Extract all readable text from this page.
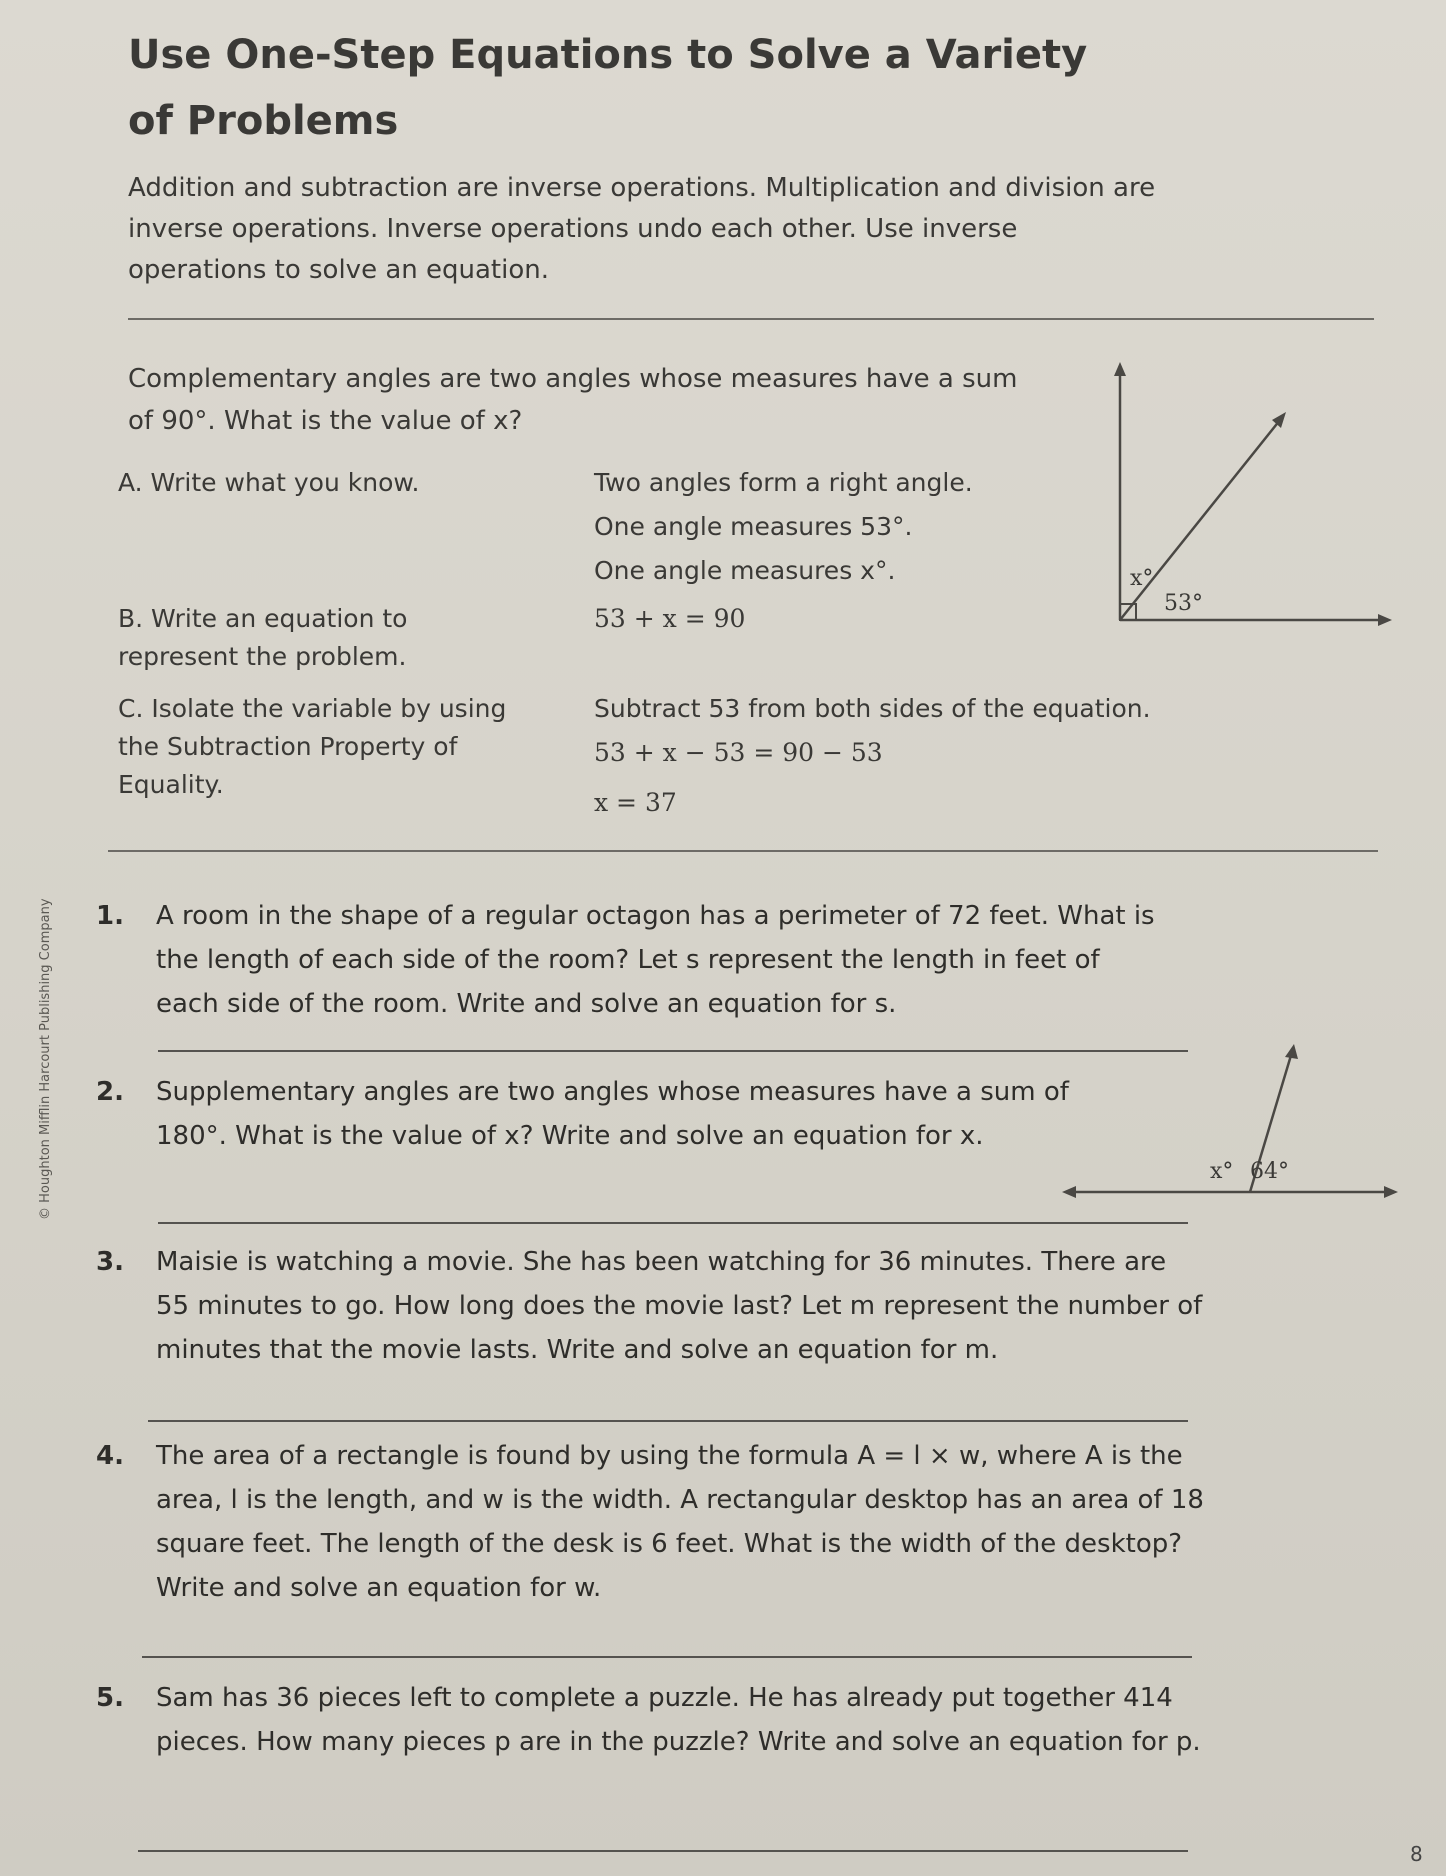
Use One-Step Equations to Solve a Variety of Problems
Addition and subtraction are inverse operations. Multiplication and division are inverse operations. Inverse operations undo each other. Use inverse operations to solve an equation.
Complementary angles are two angles whose measures have a sum of 90°. What is the value of x?
A. Write what you know.	Two angles form a right angle.
One angle measures 53°.
One angle measures x°.
B. Write an equation to represent the problem.
53 + x = 90
C. Isolate the variable by using the Subtraction Property of Equality.
Subtract 53 from both sides of the equation.
53 + x − 53 = 90 − 53
x = 37
x°
53°
1. A room in the shape of a regular octagon has a perimeter of 72 feet. What is the length of each side of the room? Let s represent the length in feet of each side of the room. Write and solve an equation for s.
2. Supplementary angles are two angles whose measures have a sum of 180°. What is the value of x? Write and solve an equation for x.
x° 64°
3. Maisie is watching a movie. She has been watching for 36 minutes. There are 55 minutes to go. How long does the movie last? Let m represent the number of minutes that the movie lasts. Write and solve an equation for m.
4. The area of a rectangle is found by using the formula A = l × w, where A is the area, l is the length, and w is the width. A rectangular desktop has an area of 18 square feet. The length of the desk is 6 feet. What is the width of the desktop? Write and solve an equation for w.
5. Sam has 36 pieces left to complete a puzzle. He has already put together 414 pieces. How many pieces p are in the puzzle? Write and solve an equation for p.
© Houghton Mifflin Harcourt Publishing Company
8
